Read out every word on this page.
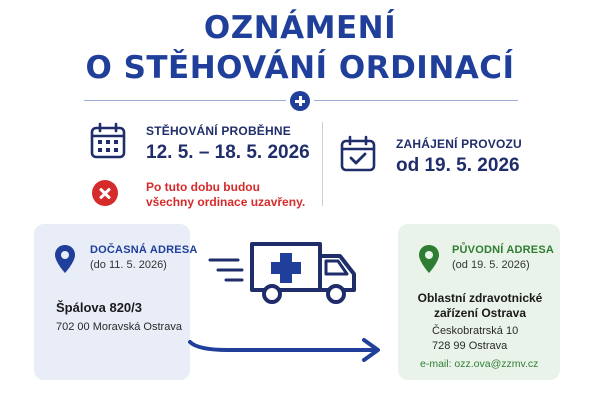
OZNÁMENÍ
O STĚHOVÁNÍ ORDINACÍ
STĚHOVÁNÍ PROBĚHNE
12. 5. – 18. 5. 2026
Po tuto dobu budou
všechny ordinace uzavřeny.
ZAHÁJENÍ PROVOZU
od 19. 5. 2026
DOČASNÁ ADRESA
(do 11. 5. 2026)
Špálova 820/3
702 00 Moravská Ostrava
PŮVODNÍ ADRESA
(od 19. 5. 2026)
Oblastní zdravotnické
zařízení Ostrava
Českobratrská 10
728 99 Ostrava
e-mail: ozz.ova@zzmv.cz
